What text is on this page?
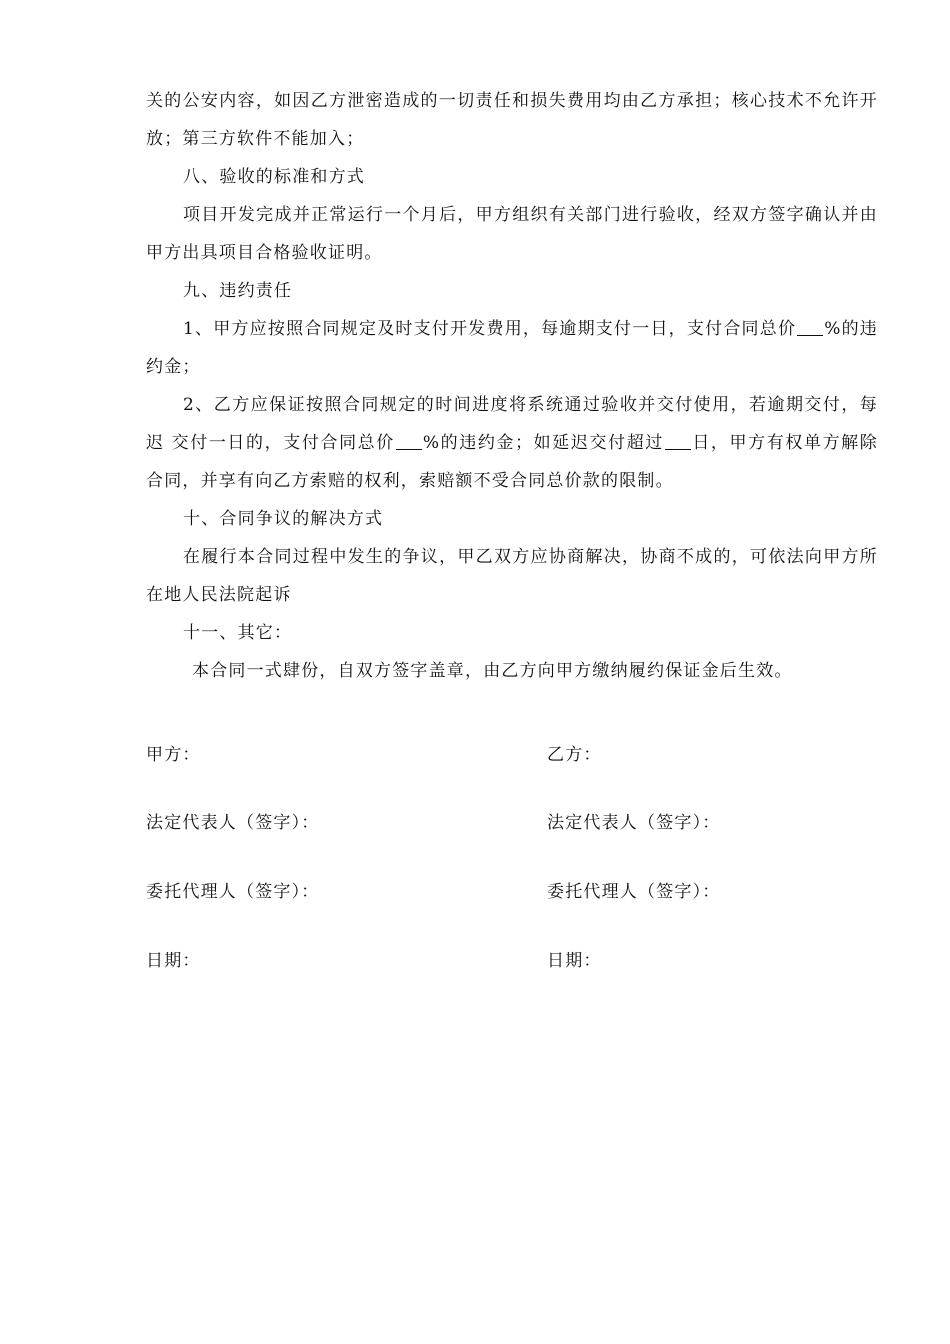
关的公安内容，如因乙方泄密造成的一切责任和损失费用均由乙方承担；核心技术不允许开放；第三方软件不能加入；

八、验收的标准和方式

项目开发完成并正常运行一个月后，甲方组织有关部门进行验收，经双方签字确认并由甲方出具项目合格验收证明。

九、违约责任

1、甲方应按照合同规定及时支付开发费用，每逾期支付一日，支付合同总价 %的违约金；

2、乙方应保证按照合同规定的时间进度将系统通过验收并交付使用，若逾期交付，每迟 交付一日的，支付合同总价 %的违约金；如延迟交付超过 日，甲方有权单方解除合同，并享有向乙方索赔的权利，索赔额不受合同总价款的限制。

十、合同争议的解决方式

在履行本合同过程中发生的争议，甲乙双方应协商解决，协商不成的，可依法向甲方所在地人民法院起诉

十一、其它：

本合同一式肆份，自双方签字盖章，由乙方向甲方缴纳履约保证金后生效。

甲方：	乙方：
法定代表人（签字）：	法定代表人（签字）：
委托代理人（签字）：	委托代理人（签字）：
日期：	日期：
